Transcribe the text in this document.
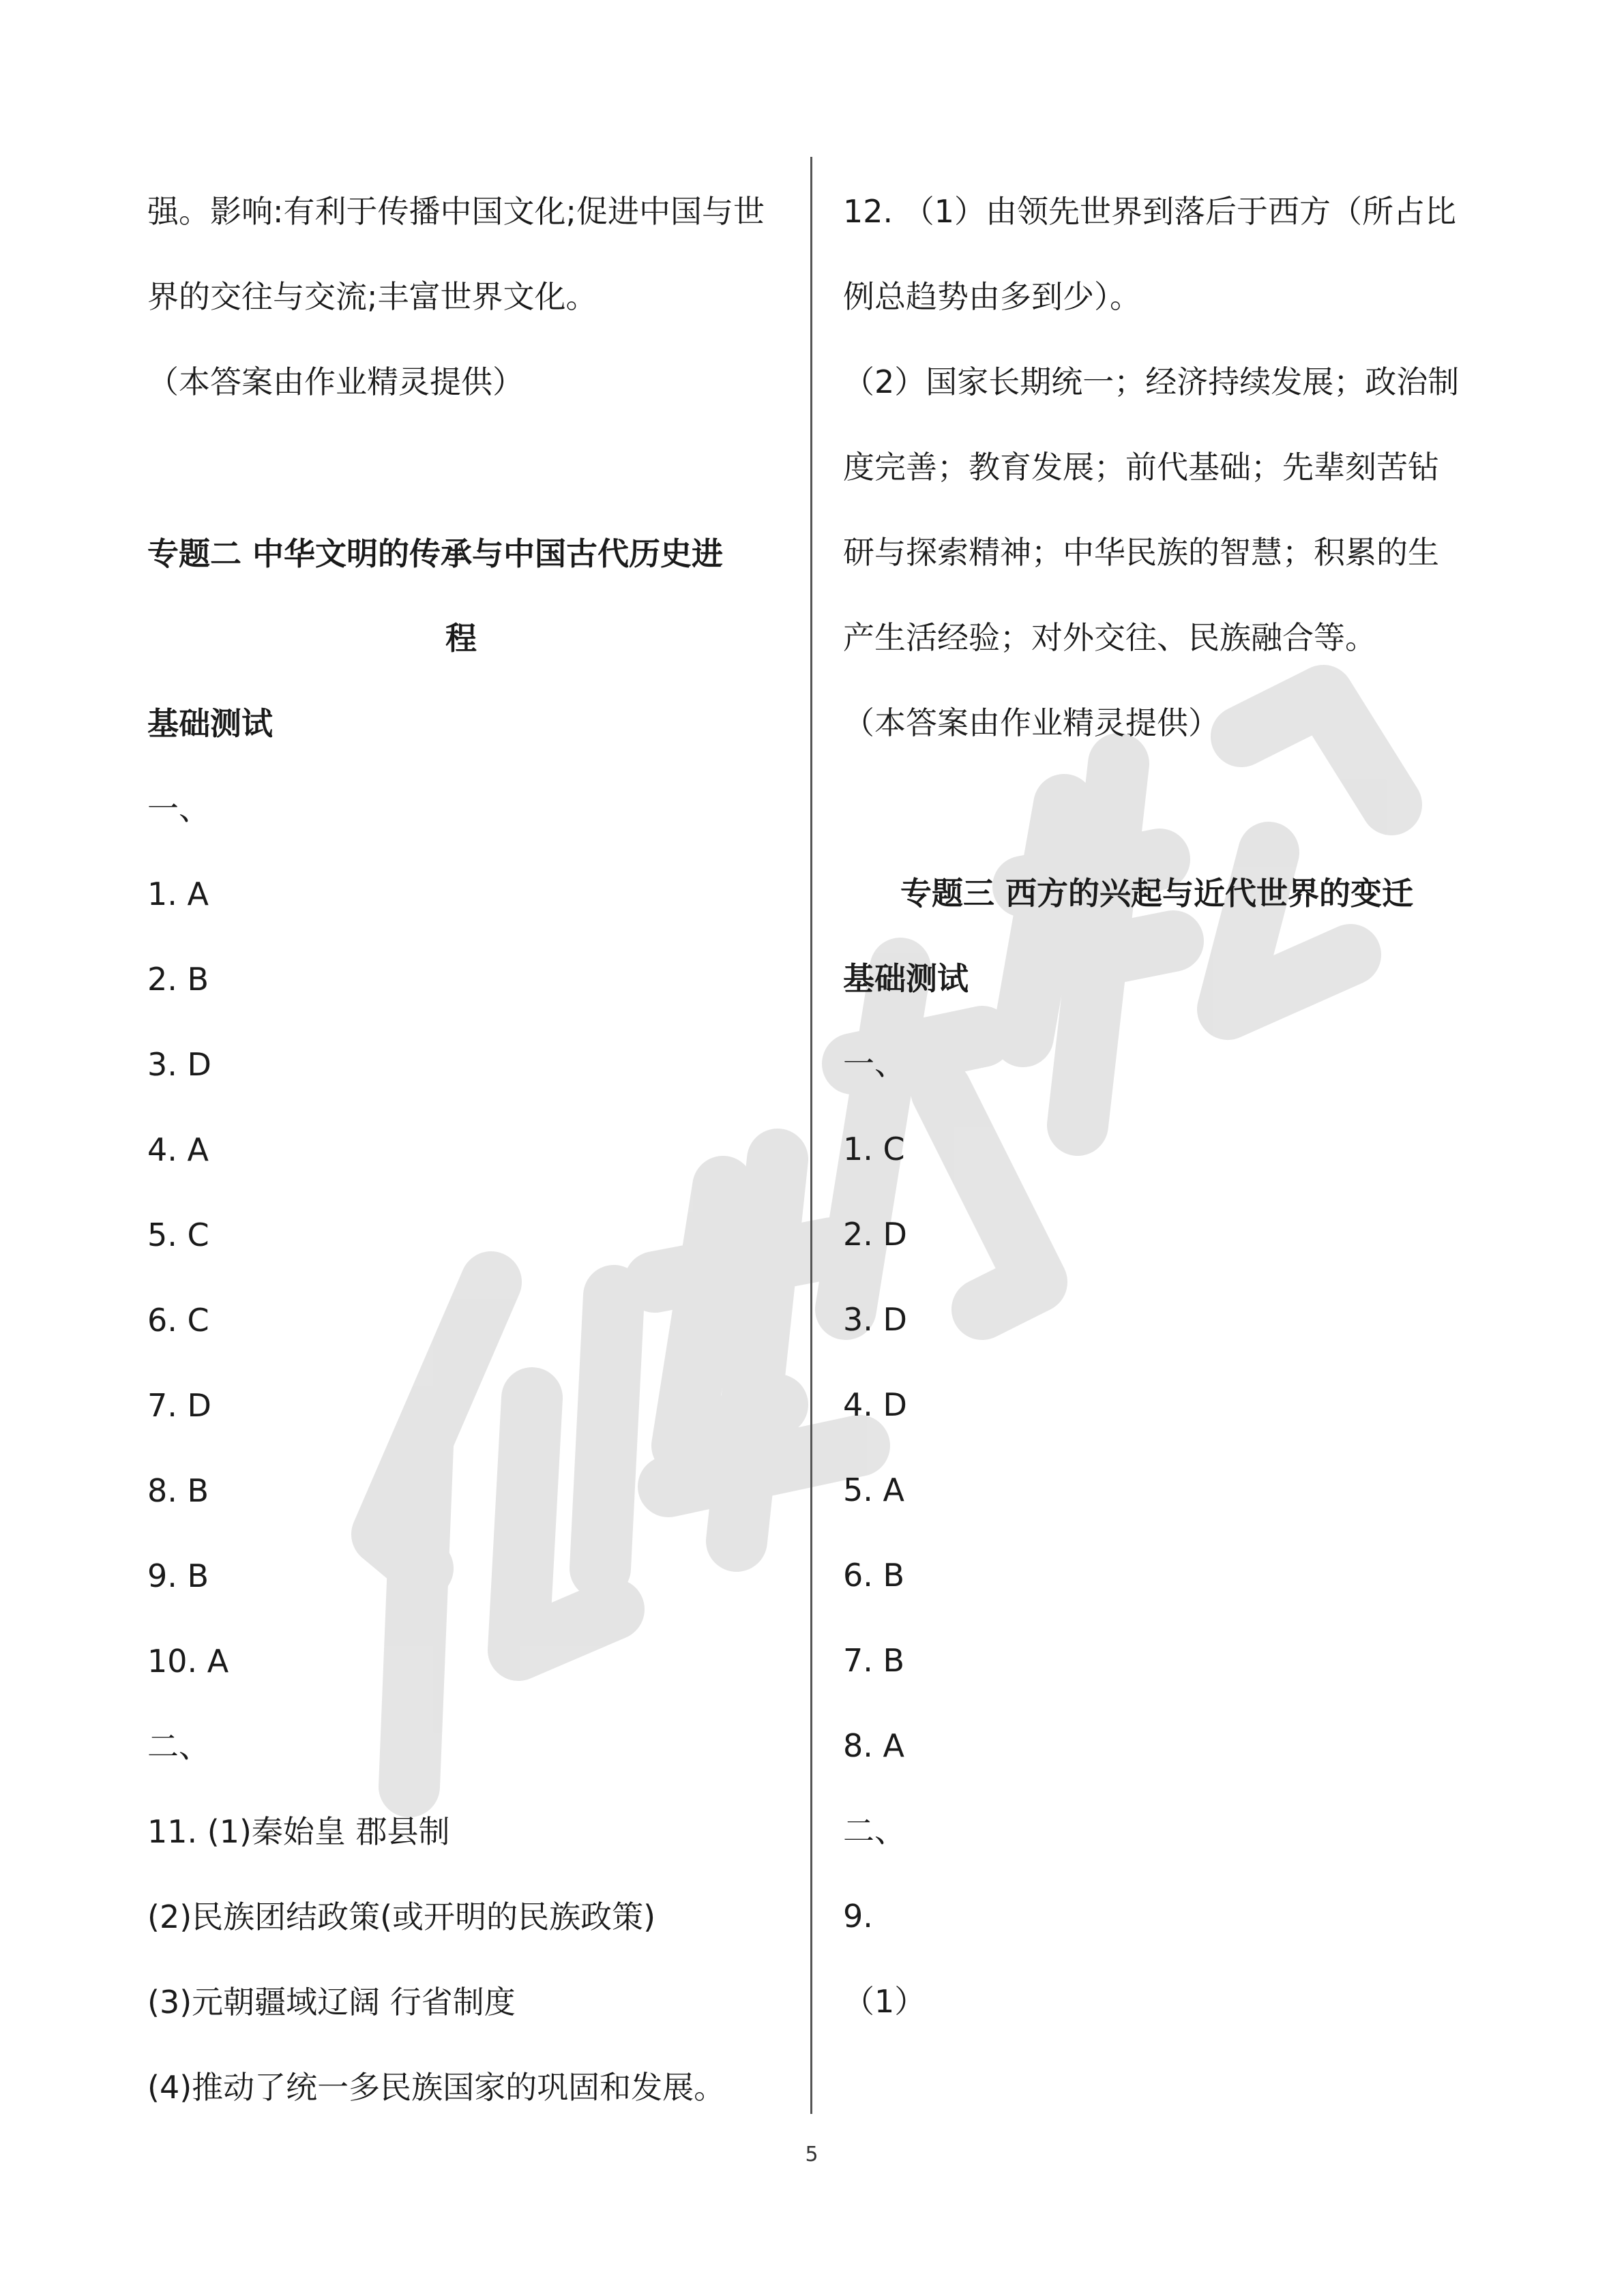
强。影响:有利于传播中国文化;促进中国与世
界的交往与交流;丰富世界文化。
（本答案由作业精灵提供）
专题二 中华文明的传承与中国古代历史进
程
基础测试
一、
1. A
2. B
3. D
4. A
5. C
6. C
7. D
8. B
9. B
10. A
二、
11. (1)秦始皇 郡县制
(2)民族团结政策(或开明的民族政策)
(3)元朝疆域辽阔 行省制度
(4)推动了统一多民族国家的巩固和发展。
12. （1）由领先世界到落后于西方（所占比
例总趋势由多到少）。
（2）国家长期统一；经济持续发展；政治制
度完善；教育发展；前代基础；先辈刻苦钻
研与探索精神；中华民族的智慧；积累的生
产生活经验；对外交往、民族融合等。
（本答案由作业精灵提供）
专题三 西方的兴起与近代世界的变迁
基础测试
一、
1. C
2. D
3. D
4. D
5. A
6. B
7. B
8. A
二、
9.
（1）
5
